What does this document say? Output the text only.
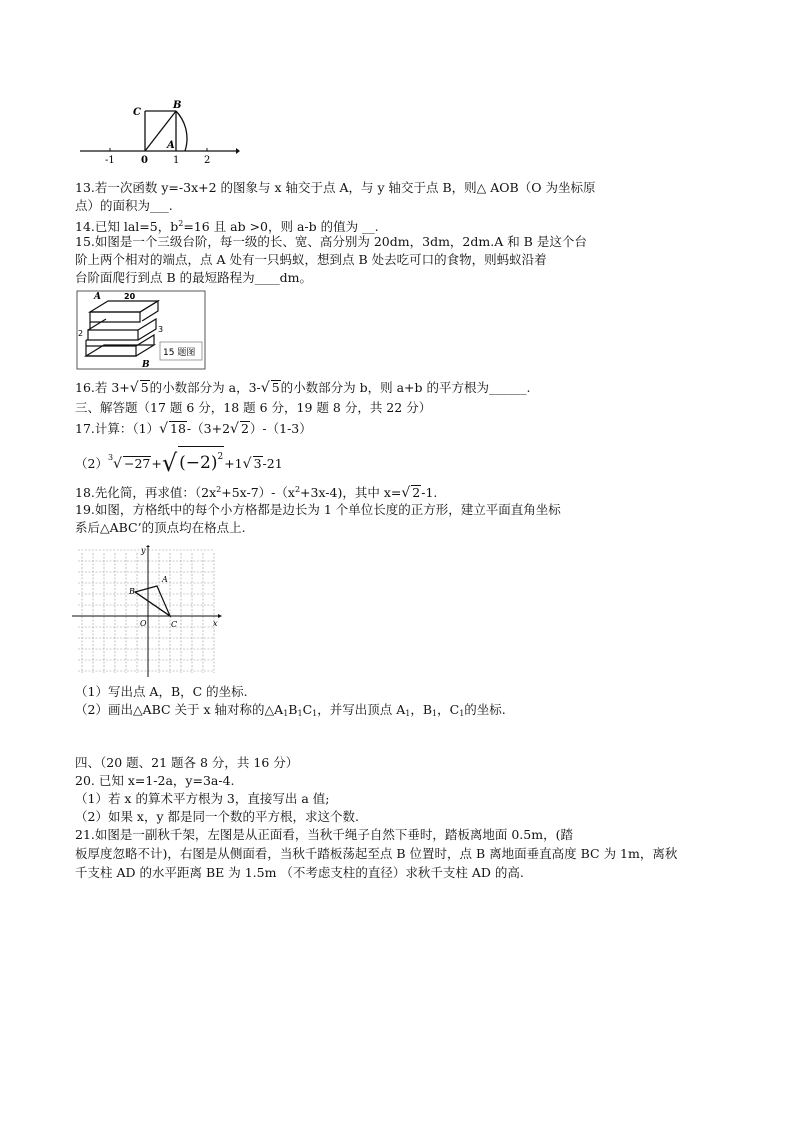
C
B
A
-1	0	1 2
13.若一次函数 y=-3x+2 的图象与 x 轴交于点 A，与 y 轴交于点 B，则△ AOB（O 为坐标原
点）的面积为___.
14.已知 lal=5，$b^2=16$ 且 ab >0，则 a-b 的值为 __.
15.如图是一个三级台阶，每一级的长、宽、高分别为 20dm，3dm，2dm.A 和 B 是这个台
阶上两个相对的端点，点 A 处有一只蚂蚁，想到点 B 处去吃可口的食物，则蚂蚁沿着
台阶面爬行到点 B 的最短路程为____dm。
A	20
2	3
B
15 题图
16.若 3+√ 5的小数部分为 a，3-√ 5的小数部分为 b，则 a+b 的平方根为______.
三、解答题（17 题 6 分，18 题 6 分，19 题 8 分，共 22 分）
17.计算：（1）√ 18-（3+2√ 2）-（1-3）
$(2)^3√ -27+√$ $(-2)^2+1√$ 3-21
18.先化简，再求值：$(2x^2+5x-7)-(x^2+3x-4)$，其中 x=√ 2-1.
19.如图，方格纸中的每个小方格都是边长为 1 个单位长度的正方形，建立平面直角坐标
系后△ABC’的顶点均在格点上.
A
B
C
O	x
y
（1）写出点 A，B，C 的坐标.
（2）画出△ABC 关于 x 轴对称的$\triangle A_1B_1C_1$，并写出顶点 $A_1$，$B_1$，$C_1$的坐标.
四、（20 题、21 题各 8 分，共 16 分）
20. 已知 x=1-2a，y=3a-4.
（1）若 x 的算术平方根为 3，直接写出 a 值;
（2）如果 x，y 都是同一个数的平方根，求这个数.
21.如图是一副秋千架，左图是从正面看，当秋千绳子自然下垂时，踏板离地面 0.5m，(踏
板厚度忽略不计)，右图是从侧面看，当秋千踏板荡起至点 B 位置时，点 B 离地面垂直高度 BC 为 1m，离秋
千支柱 AD 的水平距离 BE 为 1.5m （不考虑支柱的直径）求秋千支柱 AD 的高.
